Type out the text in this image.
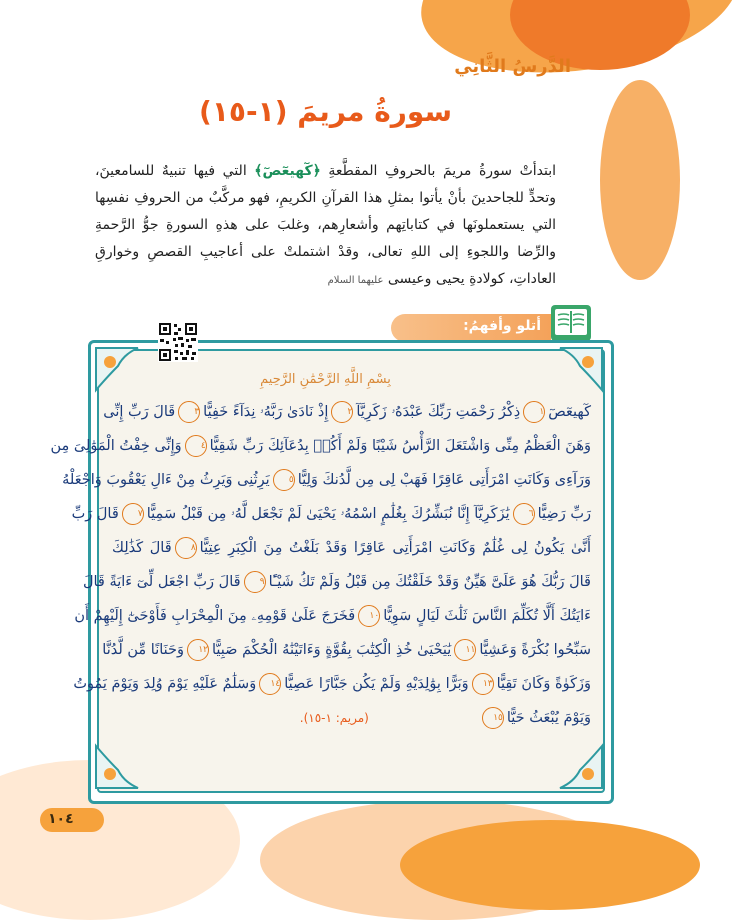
الدَّرسُ الثَّانِي
سورةُ مريمَ (١-١٥)
ابتدأتْ سورةُ مريمَ بالحروفِ المقطَّعةِ ﴿كٓهيعٓصٓ﴾ التي فيها تنبيهٌ للسامعينَ، وتحدٍّ للجاحدينَ بأنْ يأتوا بمثلِ هذا القرآنِ الكريمِ، فهو مركَّبٌ من الحروفِ نفسِها التي يستعملونَها في كتاباتِهم وأشعارِهم، وغلبَ على هذهِ السورةِ جوُّ الرَّحمةِ والرِّضا واللجوءِ إلى اللهِ تعالى، وقدْ اشتملتْ على أعاجيبِ القصصِ وخوارقِ العاداتِ، كولادةِ يحيى وعيسى عليهما السلام
أتلو وأفهمُ:
بِسْمِ اللَّهِ الرَّحْمَٰنِ الرَّحِيمِ
كٓهيعٓصٓ١ذِكْرُ رَحْمَتِ رَبِّكَ عَبْدَهُۥ زَكَرِيَّآ٢إِذْ نَادَىٰ رَبَّهُۥ نِدَآءً خَفِيًّا٣قَالَ رَبِّ إِنِّى
وَهَنَ الْعَظْمُ مِنِّى وَاشْتَعَلَ الرَّأْسُ شَيْبًا وَلَمْ أَكُنۢ بِدُعَآئِكَ رَبِّ شَقِيًّا٤وَإِنِّى خِفْتُ الْمَوَٰلِىَ مِن
وَرَآءِى وَكَانَتِ امْرَأَتِى عَاقِرًا فَهَبْ لِى مِن لَّدُنكَ وَلِيًّا٥يَرِثُنِى وَيَرِثُ مِنْ ءَالِ يَعْقُوبَ وَاجْعَلْهُ
رَبِّ رَضِيًّا٦يَٰزَكَرِيَّآ إِنَّا نُبَشِّرُكَ بِغُلَٰمٍ اسْمُهُۥ يَحْيَىٰ لَمْ نَجْعَل لَّهُۥ مِن قَبْلُ سَمِيًّا٧قَالَ رَبِّ
أَنَّىٰ يَكُونُ لِى غُلَٰمٌ وَكَانَتِ امْرَأَتِى عَاقِرًا وَقَدْ بَلَغْتُ مِنَ الْكِبَرِ عِتِيًّا٨قَالَ كَذَٰلِكَ
قَالَ رَبُّكَ هُوَ عَلَىَّ هَيِّنٌ وَقَدْ خَلَقْتُكَ مِن قَبْلُ وَلَمْ تَكُ شَيْـًٔا٩قَالَ رَبِّ اجْعَل لِّىٓ ءَايَةً قَالَ
ءَايَتُكَ أَلَّا تُكَلِّمَ النَّاسَ ثَلَٰثَ لَيَالٍ سَوِيًّا١٠فَخَرَجَ عَلَىٰ قَوْمِهِۦ مِنَ الْمِحْرَابِ فَأَوْحَىٰٓ إِلَيْهِمْ أَن
سَبِّحُوا بُكْرَةً وَعَشِيًّا١١يَٰيَحْيَىٰ خُذِ الْكِتَٰبَ بِقُوَّةٍ وَءَاتَيْنَٰهُ الْحُكْمَ صَبِيًّا١٢وَحَنَانًا مِّن لَّدُنَّا
وَزَكَوٰةً وَكَانَ تَقِيًّا١٣وَبَرًّا بِوَٰلِدَيْهِ وَلَمْ يَكُن جَبَّارًا عَصِيًّا١٤وَسَلَٰمٌ عَلَيْهِ يَوْمَ وُلِدَ وَيَوْمَ يَمُوتُ
وَيَوْمَ يُبْعَثُ حَيًّا١٥(مريم: ١-١٥).
١٠٤
